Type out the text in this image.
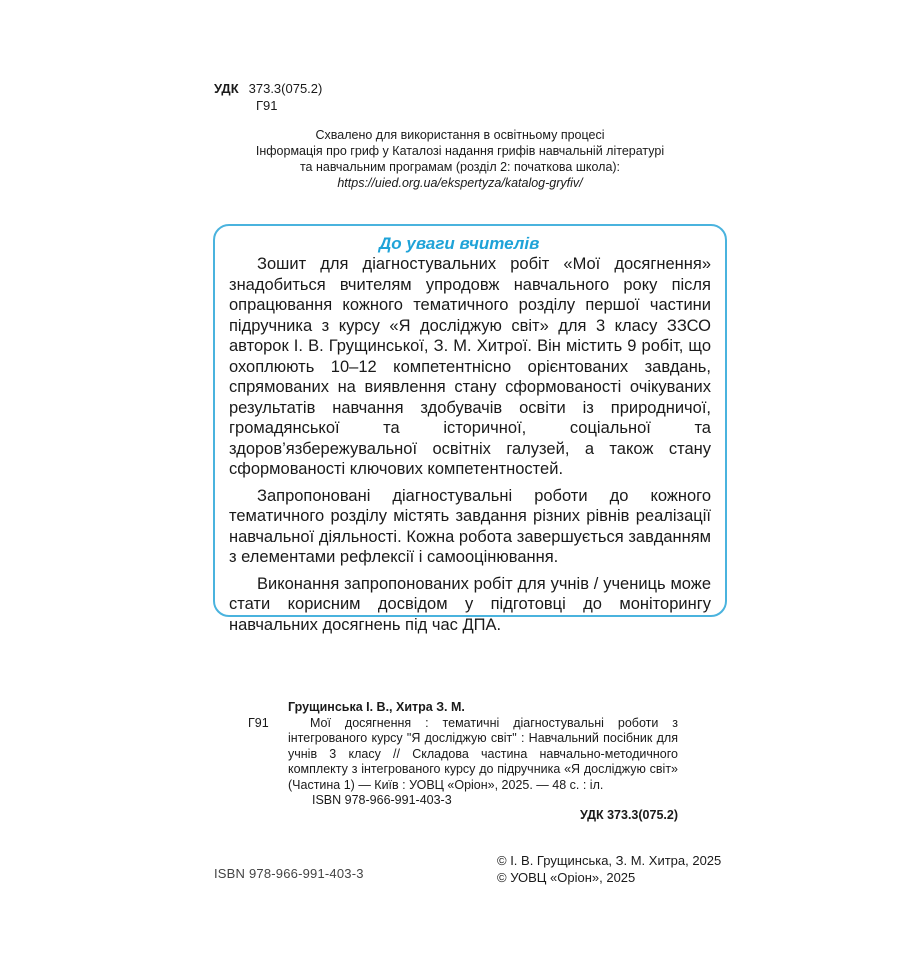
УДК 373.3(075.2)
Г91
Схвалено для використання в освітньому процесі
Інформація про гриф у Каталозі надання грифів навчальній літературі
та навчальним програмам (розділ 2: початкова школа):
https://uied.org.ua/ekspertyza/katalog-gryfiv/
До уваги вчителів

Зошит для діагностувальних робіт «Мої досягнення» знадобиться вчителям упродовж навчального року після опрацювання кожного тематичного розділу першої частини підручника з курсу «Я досліджую світ» для 3 класу ЗЗСО авторок І. В. Грущинської, З. М. Хитрої. Він містить 9 робіт, що охоплюють 10–12 компетентнісно орієнтованих завдань, спрямованих на виявлення стану сформованості очікуваних результатів навчання здобувачів освіти із природничої, громадянської та історичної, соціальної та здоров’язбережувальної освітніх галузей, а також стану сформованості ключових компетентностей.

Запропоновані діагностувальні роботи до кожного тематичного розділу містять завдання різних рівнів реалізації навчальної діяльності. Кожна робота завершується завданням з елементами рефлексії і самооцінювання.

Виконання запропонованих робіт для учнів / учениць може стати корисним досвідом у підготовці до моніторингу навчальних досягнень під час ДПА.

Грущинська І. В., Хитра З. М.
Г91	Мої досягнення : тематичні діагностувальні роботи з інтегрованого курсу "Я досліджую світ" : Навчальний посібник для учнів 3 класу // Складова частина навчально-методичного комплекту з інтегрованого курсу до підручника «Я досліджую світ» (Частина 1) — Київ : УОВЦ «Оріон», 2025. — 48 с. : іл.
ISBN 978-966-991-403-3
УДК 373.3(075.2)
ISBN 978-966-991-403-3
© І. В. Грущинська, З. М. Хитра, 2025
© УОВЦ «Оріон», 2025
